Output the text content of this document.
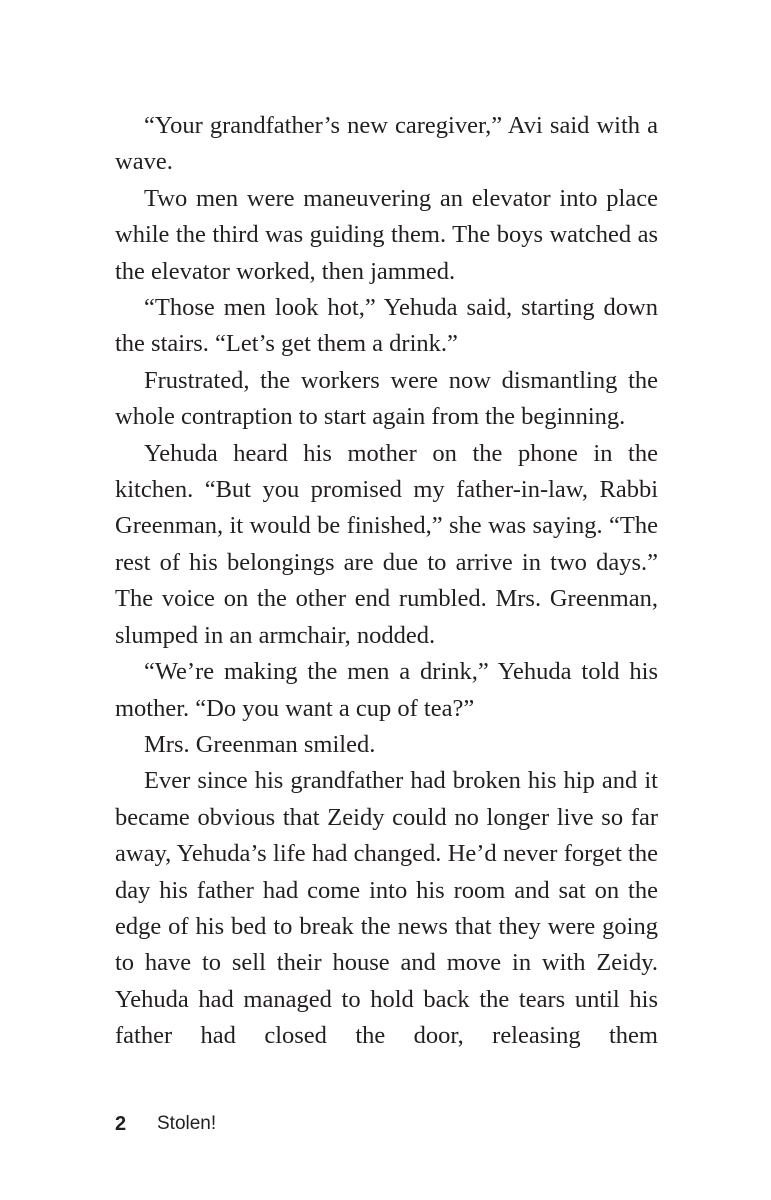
“Your grandfather’s new caregiver,” Avi said with a wave.

Two men were maneuvering an elevator into place while the third was guiding them. The boys watched as the elevator worked, then jammed.

“Those men look hot,” Yehuda said, starting down the stairs. “Let’s get them a drink.”

Frustrated, the workers were now dismantling the whole contraption to start again from the beginning.

Yehuda heard his mother on the phone in the kitchen. “But you promised my father-in-law, Rabbi Greenman, it would be finished,” she was saying. “The rest of his belongings are due to arrive in two days.” The voice on the other end rumbled. Mrs. Greenman, slumped in an armchair, nodded.

“We’re making the men a drink,” Yehuda told his mother. “Do you want a cup of tea?”

Mrs. Greenman smiled.

Ever since his grandfather had broken his hip and it became obvious that Zeidy could no longer live so far away, Yehuda’s life had changed. He’d never forget the day his father had come into his room and sat on the edge of his bed to break the news that they were going to have to sell their house and move in with Zeidy. Yehuda had managed to hold back the tears until his father had closed the door, releasing them

2	Stolen!
